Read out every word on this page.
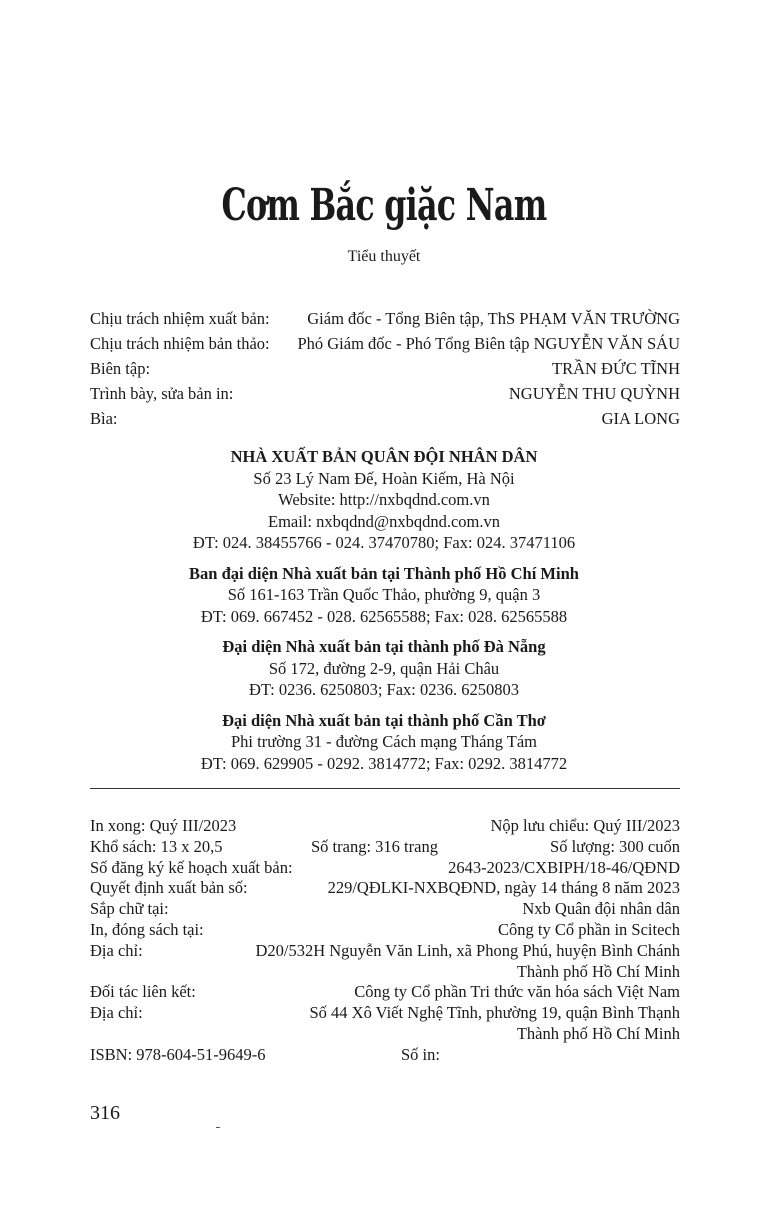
Cơm Bắc giặc Nam
Tiểu thuyết
Chịu trách nhiệm xuất bản: Giám đốc - Tổng Biên tập, ThS PHẠM VĂN TRƯỜNG
Chịu trách nhiệm bản thảo: Phó Giám đốc - Phó Tổng Biên tập NGUYỄN VĂN SÁU
Biên tập:	TRẦN ĐỨC TĨNH
Trình bày, sửa bản in:	NGUYỄN THU QUỲNH
Bìa:	GIA LONG
NHÀ XUẤT BẢN QUÂN ĐỘI NHÂN DÂN
Số 23 Lý Nam Đế, Hoàn Kiếm, Hà Nội
Website: http://nxbqdnd.com.vn
Email: nxbqdnd@nxbqdnd.com.vn
ĐT: 024. 38455766 - 024. 37470780; Fax: 024. 37471106
Ban đại diện Nhà xuất bản tại Thành phố Hồ Chí Minh
Số 161-163 Trần Quốc Thảo, phường 9, quận 3
ĐT: 069. 667452 - 028. 62565588; Fax: 028. 62565588
Đại diện Nhà xuất bản tại thành phố Đà Nẵng
Số 172, đường 2-9, quận Hải Châu
ĐT: 0236. 6250803; Fax: 0236. 6250803
Đại diện Nhà xuất bản tại thành phố Cần Thơ
Phi trường 31 - đường Cách mạng Tháng Tám
ĐT: 069. 629905 - 0292. 3814772; Fax: 0292. 3814772
In xong: Quý III/2023	Nộp lưu chiểu: Quý III/2023
Khổ sách: 13 x 20,5	Số trang: 316 trang	Số lượng: 300 cuốn
Số đăng ký kế hoạch xuất bản:	2643-2023/CXBIPH/18-46/QĐND
Quyết định xuất bản số:	229/QĐLKI-NXBQĐND, ngày 14 tháng 8 năm 2023
Sắp chữ tại:	Nxb Quân đội nhân dân
In, đóng sách tại:	Công ty Cổ phần in Scitech
Địa chỉ:	D20/532H Nguyễn Văn Linh, xã Phong Phú, huyện Bình Chánh
Thành phố Hồ Chí Minh
Đối tác liên kết:	Công ty Cổ phần Tri thức văn hóa sách Việt Nam
Địa chỉ:	Số 44 Xô Viết Nghệ Tĩnh, phường 19, quận Bình Thạnh
Thành phố Hồ Chí Minh
ISBN: 978-604-51-9649-6	Số in:
316
